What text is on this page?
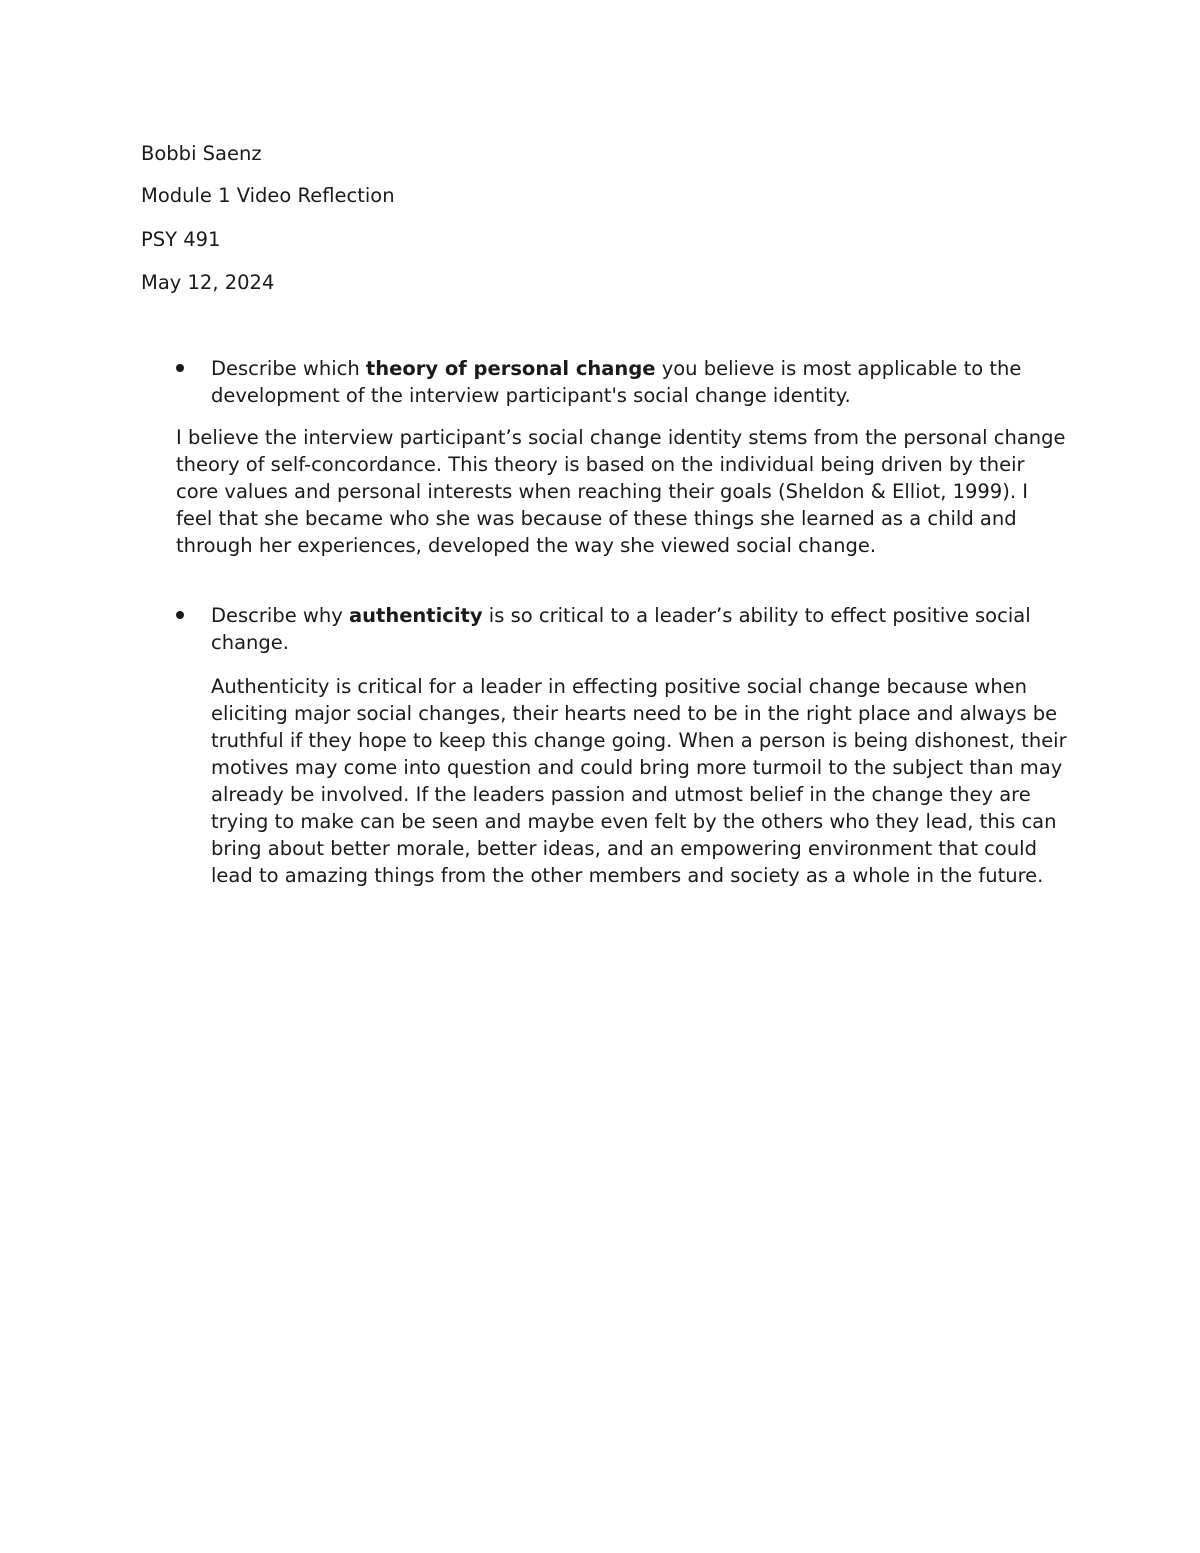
Bobbi Saenz

Module 1 Video Reflection

PSY 491

May 12, 2024

Describe which theory of personal change you believe is most applicable to the development of the interview participant's social change identity.

I believe the interview participant’s social change identity stems from the personal change theory of self-concordance. This theory is based on the individual being driven by their core values and personal interests when reaching their goals (Sheldon & Elliot, 1999). I feel that she became who she was because of these things she learned as a child and through her experiences, developed the way she viewed social change.

Describe why authenticity is so critical to a leader’s ability to effect positive social change.

Authenticity is critical for a leader in effecting positive social change because when eliciting major social changes, their hearts need to be in the right place and always be truthful if they hope to keep this change going. When a person is being dishonest, their motives may come into question and could bring more turmoil to the subject than may already be involved. If the leaders passion and utmost belief in the change they are trying to make can be seen and maybe even felt by the others who they lead, this can bring about better morale, better ideas, and an empowering environment that could lead to amazing things from the other members and society as a whole in the future.
